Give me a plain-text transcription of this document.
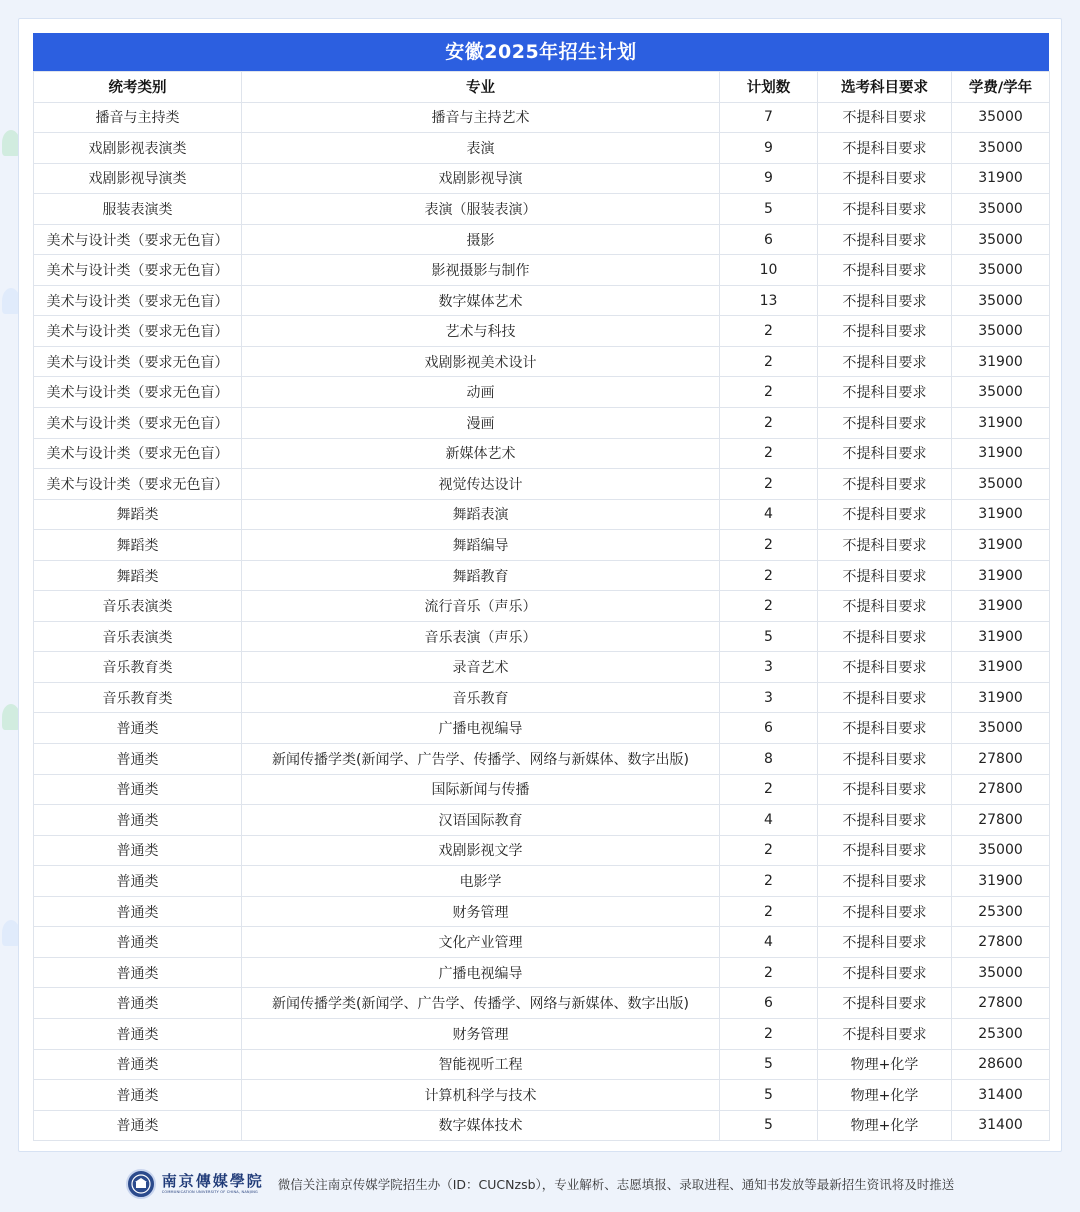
安徽2025年招生计划
统考类别	专业	计划数	选考科目要求	学费/学年
播音与主持类	播音与主持艺术	7	不提科目要求	35000
戏剧影视表演类	表演	9	不提科目要求	35000
戏剧影视导演类	戏剧影视导演	9	不提科目要求	31900
服装表演类	表演（服装表演）	5	不提科目要求	35000
美术与设计类（要求无色盲）	摄影	6	不提科目要求	35000
美术与设计类（要求无色盲）	影视摄影与制作	10	不提科目要求	35000
美术与设计类（要求无色盲）	数字媒体艺术	13	不提科目要求	35000
美术与设计类（要求无色盲）	艺术与科技	2	不提科目要求	35000
美术与设计类（要求无色盲）	戏剧影视美术设计	2	不提科目要求	31900
美术与设计类（要求无色盲）	动画	2	不提科目要求	35000
美术与设计类（要求无色盲）	漫画	2	不提科目要求	31900
美术与设计类（要求无色盲）	新媒体艺术	2	不提科目要求	31900
美术与设计类（要求无色盲）	视觉传达设计	2	不提科目要求	35000
舞蹈类	舞蹈表演	4	不提科目要求	31900
舞蹈类	舞蹈编导	2	不提科目要求	31900
舞蹈类	舞蹈教育	2	不提科目要求	31900
音乐表演类	流行音乐（声乐）	2	不提科目要求	31900
音乐表演类	音乐表演（声乐）	5	不提科目要求	31900
音乐教育类	录音艺术	3	不提科目要求	31900
音乐教育类	音乐教育	3	不提科目要求	31900
普通类	广播电视编导	6	不提科目要求	35000
普通类	新闻传播学类(新闻学、广告学、传播学、网络与新媒体、数字出版)	8	不提科目要求	27800
普通类	国际新闻与传播	2	不提科目要求	27800
普通类	汉语国际教育	4	不提科目要求	27800
普通类	戏剧影视文学	2	不提科目要求	35000
普通类	电影学	2	不提科目要求	31900
普通类	财务管理	2	不提科目要求	25300
普通类	文化产业管理	4	不提科目要求	27800
普通类	广播电视编导	2	不提科目要求	35000
普通类	新闻传播学类(新闻学、广告学、传播学、网络与新媒体、数字出版)	6	不提科目要求	27800
普通类	财务管理	2	不提科目要求	25300
普通类	智能视听工程	5	物理+化学	28600
普通类	计算机科学与技术	5	物理+化学	31400
普通类	数字媒体技术	5	物理+化学	31400
南京傳媒學院
COMMUNICATION UNIVERSITY OF CHINA, NANJING	微信关注南京传媒学院招生办（ID：CUCNzsb），专业解析、志愿填报、录取进程、通知书发放等最新招生资讯将及时推送
